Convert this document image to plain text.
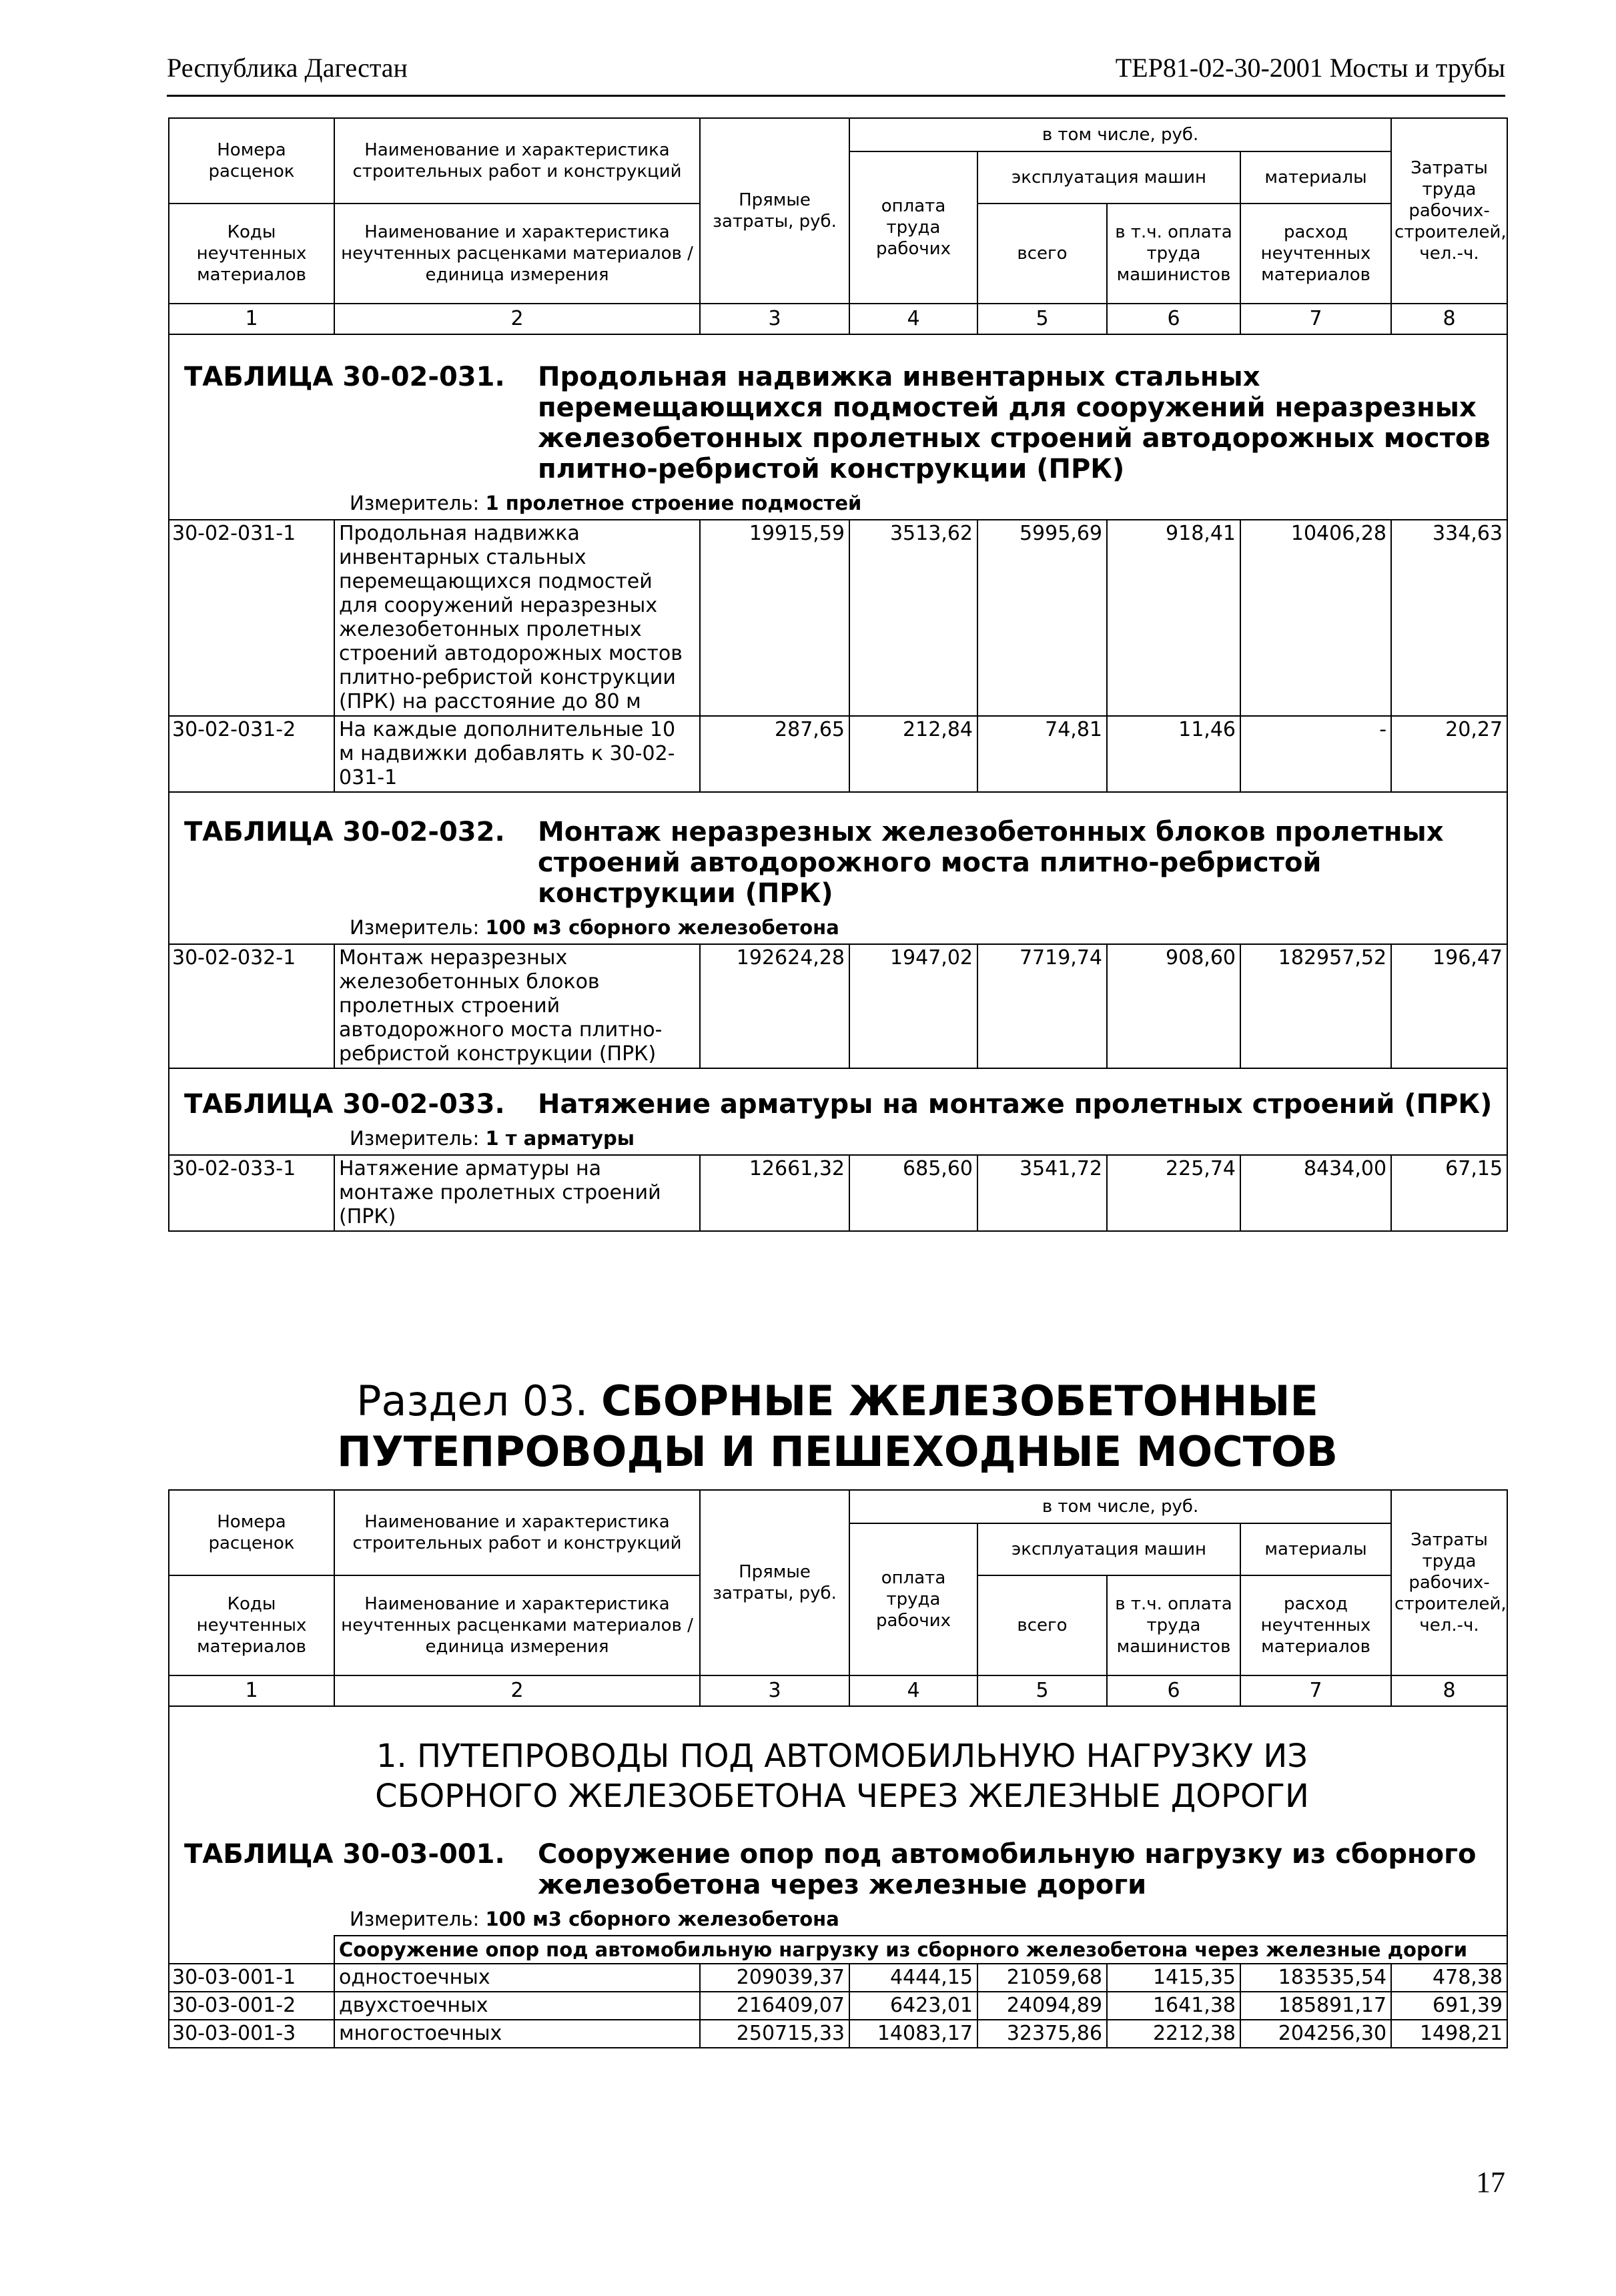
Республика Дагестан	ТЕР81-02-30-2001 Мосты и трубы
Номера расценок	Наименование и характеристика строительных работ и конструкций	Прямые затраты, руб.	в том числе, руб.				Затраты труда рабочих-строителей, чел.-ч.
			оплата труда рабочих	эксплуатация машин		материалы	
Коды неучтенных материалов	Наименование и характеристика неучтенных расценками материалов / единица измерения			всего	в т.ч. оплата труда машинистов	расход неучтенных материалов	

1	2	3	4	5	6	7	8

ТАБЛИЦА 30-02-031. Продольная надвижка инвентарных стальных перемещающихся подмостей для сооружений неразрезных железобетонных пролетных строений автодорожных мостов плитно-ребристой конструкции (ПРК)
Измеритель: 1 пролетное строение подмостей							

30-02-031-1	Продольная надвижка инвентарных стальных перемещающихся подмостей для сооружений неразрезных железобетонных пролетных строений автодорожных мостов плитно-ребристой конструкции (ПРК) на расстояние до 80 м	19915,59	3513,62	5995,69	918,41	10406,28	334,63
30-02-031-2	На каждые дополнительные 10 м надвижки добавлять к 30-02-031-1	287,65	212,84	74,81	11,46	-	20,27

ТАБЛИЦА 30-02-032. Монтаж неразрезных железобетонных блоков пролетных строений автодорожного моста плитно-ребристой конструкции (ПРК)
Измеритель: 100 м3 сборного железобетона							

30-02-032-1	Монтаж неразрезных железобетонных блоков пролетных строений автодорожного моста плитно-ребристой конструкции (ПРК)	192624,28	1947,02	7719,74	908,60	182957,52	196,47

ТАБЛИЦА 30-02-033. Натяжение арматуры на монтаже пролетных строений (ПРК)
Измеритель: 1 т арматуры							

30-02-033-1	Натяжение арматуры на монтаже пролетных строений (ПРК)	12661,32	685,60	3541,72	225,74	8434,00	67,15
Раздел 03. СБОРНЫЕ ЖЕЛЕЗОБЕТОННЫЕ ПУТЕПРОВОДЫ И ПЕШЕХОДНЫЕ МОСТОВ
Номера расценок	Наименование и характеристика строительных работ и конструкций	Прямые затраты, руб.	в том числе, руб.				Затраты труда рабочих-строителей, чел.-ч.
			оплата труда рабочих	эксплуатация машин		материалы	
Коды неучтенных материалов	Наименование и характеристика неучтенных расценками материалов / единица измерения			всего	в т.ч. оплата труда машинистов	расход неучтенных материалов	

1	2	3	4	5	6	7	8

1. ПУТЕПРОВОДЫ ПОД АВТОМОБИЛЬНУЮ НАГРУЗКУ ИЗ СБОРНОГО ЖЕЛЕЗОБЕТОНА ЧЕРЕЗ ЖЕЛЕЗНЫЕ ДОРОГИ
ТАБЛИЦА 30-03-001. Сооружение опор под автомобильную нагрузку из сборного железобетона через железные дороги
Измеритель: 100 м3 сборного железобетона							

	Сооружение опор под автомобильную нагрузку из сборного железобетона через железные дороги						
30-03-001-1	одностоечных	209039,37	4444,15	21059,68	1415,35	183535,54	478,38
30-03-001-2	двухстоечных	216409,07	6423,01	24094,89	1641,38	185891,17	691,39
30-03-001-3	многостоечных	250715,33	14083,17	32375,86	2212,38	204256,30	1498,21
17
